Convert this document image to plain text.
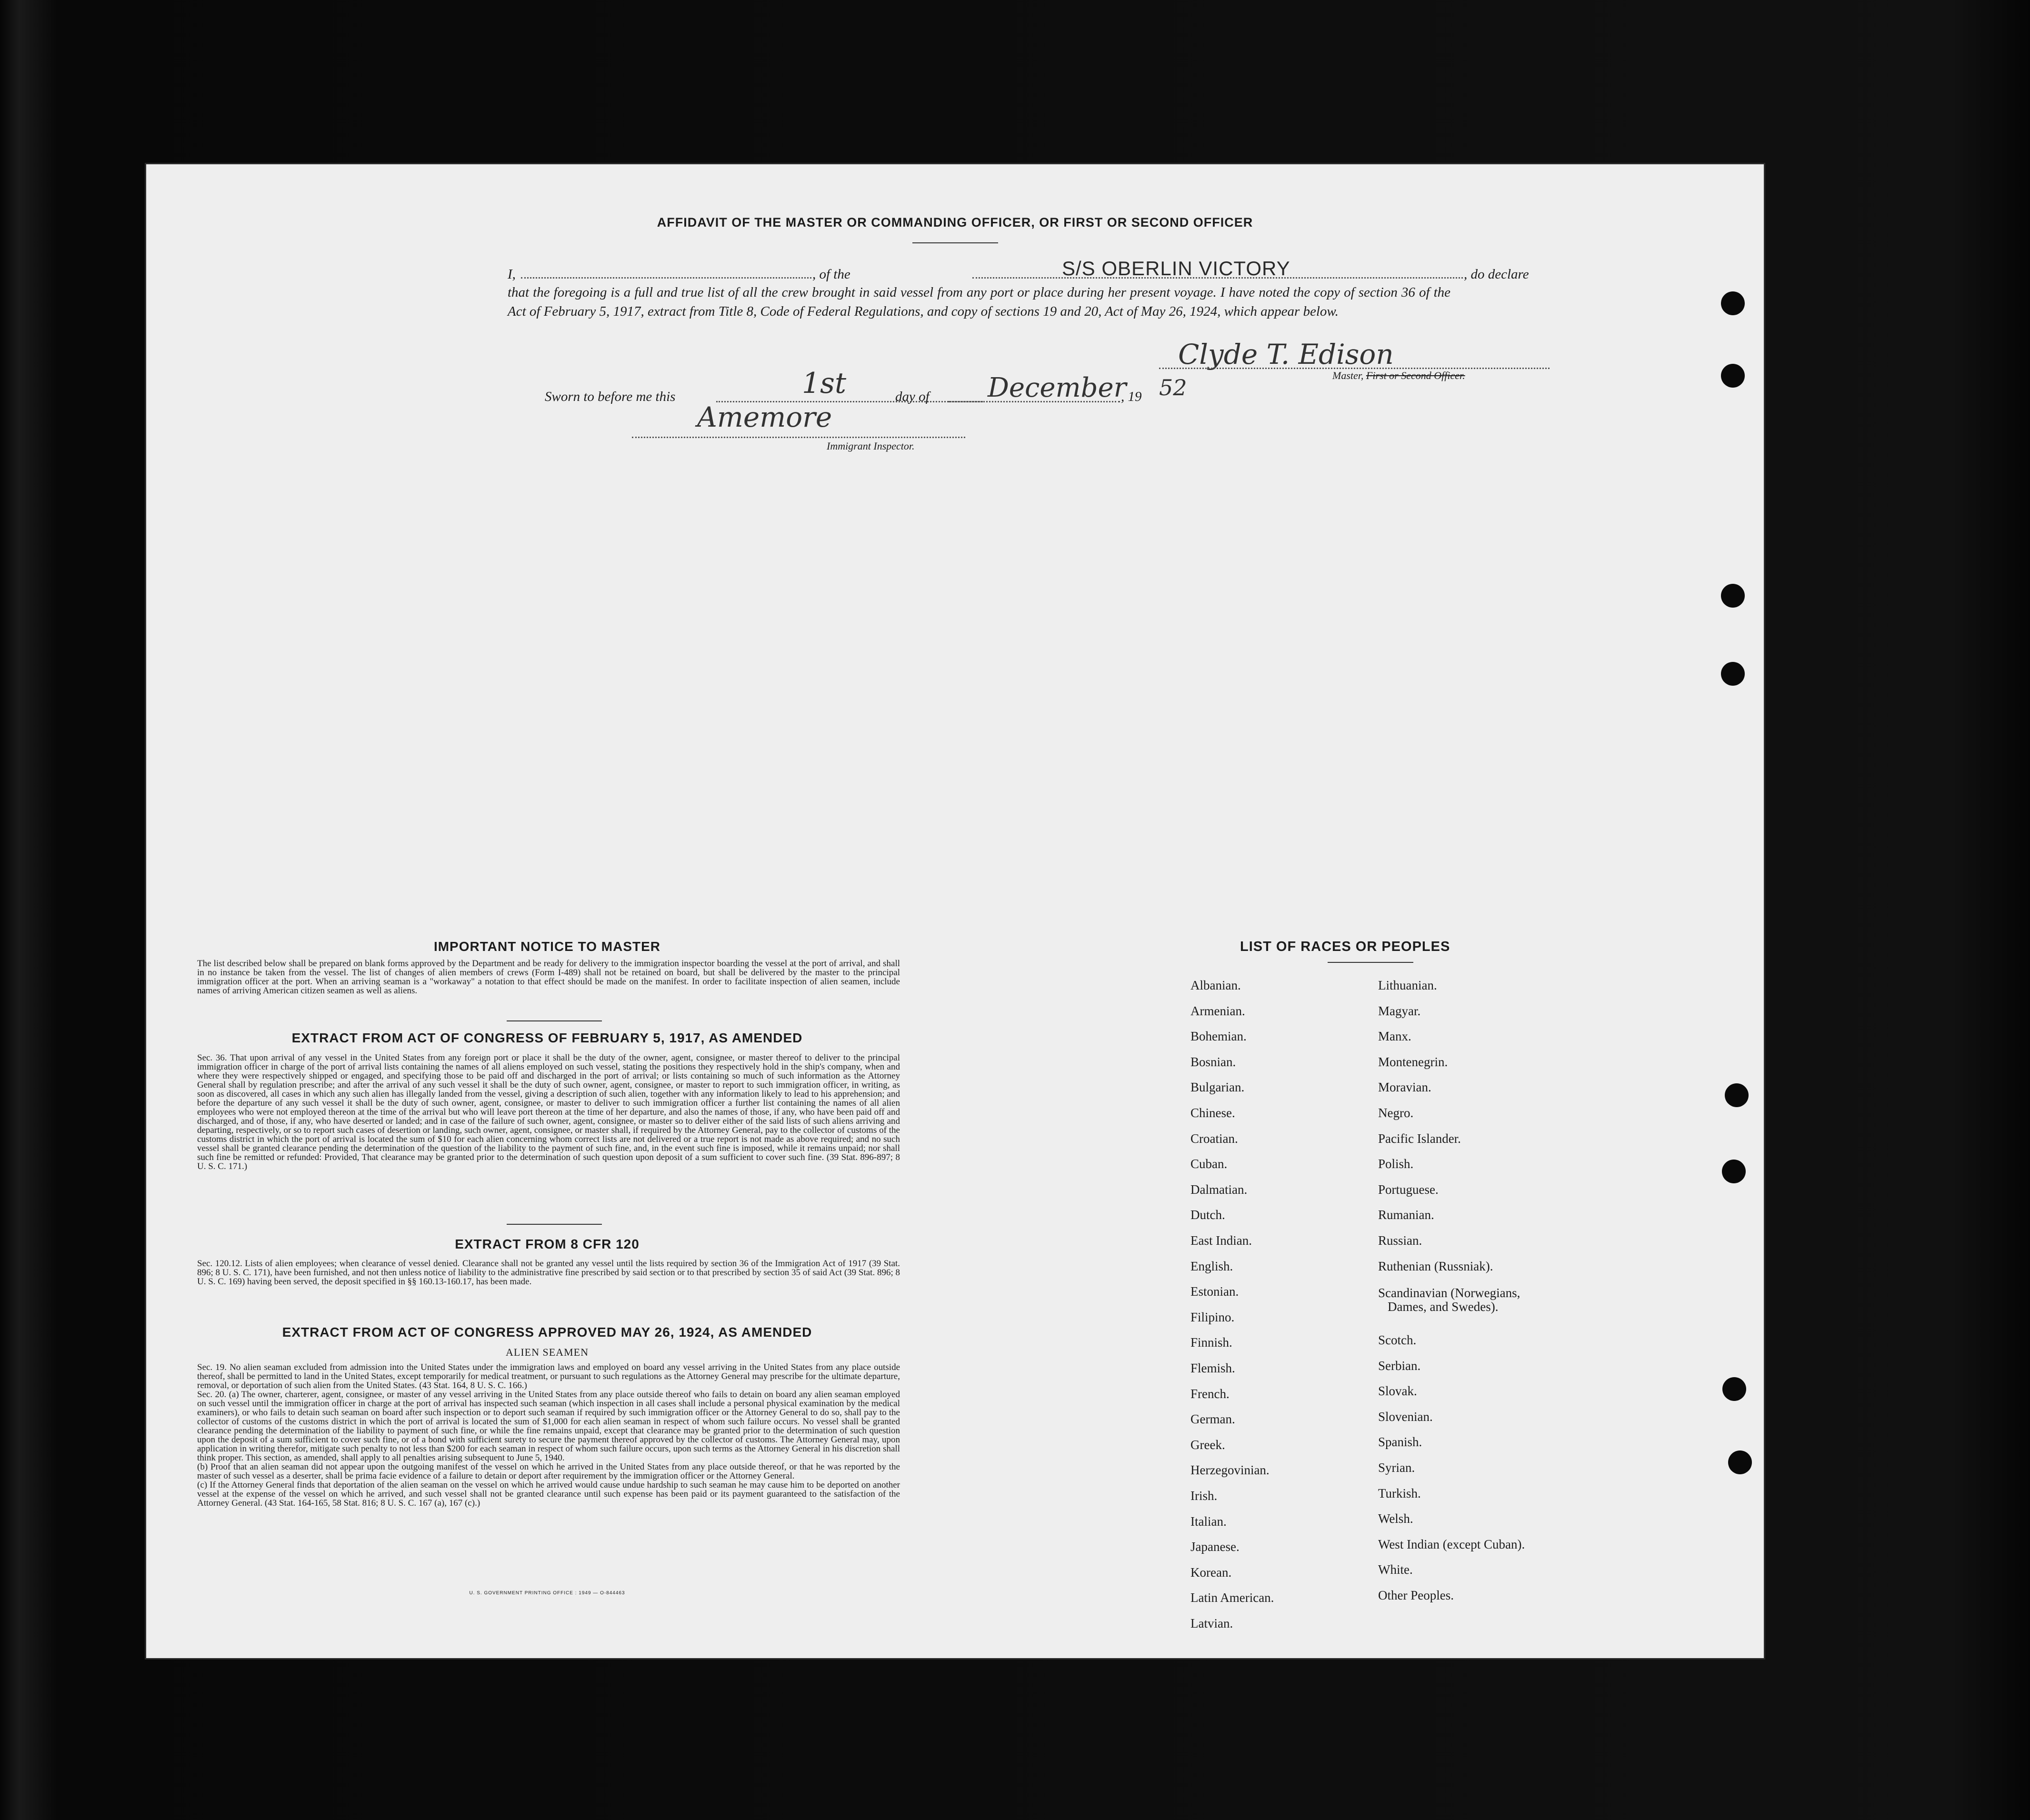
AFFIDAVIT OF THE MASTER OR COMMANDING OFFICER, OR FIRST OR SECOND OFFICER
I,	, of the	S/S OBERLIN VICTORY	, do declare
that the foregoing is a full and true list of all the crew brought in said vessel from any port or place during her present voyage. I have noted the copy of section 36 of the Act of February 5, 1917, extract from Title 8, Code of Federal Regulations, and copy of sections 19 and 20, Act of May 26, 1924, which appear below.
Sworn to before me this	1st	day of December
, 19 52
Clyde T. Edison
Master, First or Second Officer.
Amemore
Immigrant Inspector.
IMPORTANT NOTICE TO MASTER
The list described below shall be prepared on blank forms approved by the Department and be ready for delivery to the immigration inspector boarding the vessel at the port of arrival, and shall in no instance be taken from the vessel. The list of changes of alien members of crews (Form I-489) shall not be retained on board, but shall be delivered by the master to the principal immigration officer at the port. When an arriving seaman is a "workaway" a notation to that effect should be made on the manifest. In order to facilitate inspection of alien seamen, include names of arriving American citizen seamen as well as aliens.
EXTRACT FROM ACT OF CONGRESS OF FEBRUARY 5, 1917, AS AMENDED
Sec. 36. That upon arrival of any vessel in the United States from any foreign port or place it shall be the duty of the owner, agent, consignee, or master thereof to deliver to the principal immigration officer in charge of the port of arrival lists containing the names of all aliens employed on such vessel, stating the positions they respectively hold in the ship's company, when and where they were respectively shipped or engaged, and specifying those to be paid off and discharged in the port of arrival; or lists containing so much of such information as the Attorney General shall by regulation prescribe; and after the arrival of any such vessel it shall be the duty of such owner, agent, consignee, or master to report to such immigration officer, in writing, as soon as discovered, all cases in which any such alien has illegally landed from the vessel, giving a description of such alien, together with any information likely to lead to his apprehension; and before the departure of any such vessel it shall be the duty of such owner, agent, consignee, or master to deliver to such immigration officer a further list containing the names of all alien employees who were not employed thereon at the time of the arrival but who will leave port thereon at the time of her departure, and also the names of those, if any, who have been paid off and discharged, and of those, if any, who have deserted or landed; and in case of the failure of such owner, agent, consignee, or master so to deliver either of the said lists of such aliens arriving and departing, respectively, or so to report such cases of desertion or landing, such owner, agent, consignee, or master shall, if required by the Attorney General, pay to the collector of customs of the customs district in which the port of arrival is located the sum of $10 for each alien concerning whom correct lists are not delivered or a true report is not made as above required; and no such vessel shall be granted clearance pending the determination of the question of the liability to the payment of such fine, and, in the event such fine is imposed, while it remains unpaid; nor shall such fine be remitted or refunded: Provided, That clearance may be granted prior to the determination of such question upon deposit of a sum sufficient to cover such fine. (39 Stat. 896-897; 8 U. S. C. 171.)
EXTRACT FROM 8 CFR 120
Sec. 120.12. Lists of alien employees; when clearance of vessel denied. Clearance shall not be granted any vessel until the lists required by section 36 of the Immigration Act of 1917 (39 Stat. 896; 8 U. S. C. 171), have been furnished, and not then unless notice of liability to the administrative fine prescribed by said section or to that prescribed by section 35 of said Act (39 Stat. 896; 8 U. S. C. 169) having been served, the deposit specified in §§ 160.13-160.17, has been made.
EXTRACT FROM ACT OF CONGRESS APPROVED MAY 26, 1924, AS AMENDED
ALIEN SEAMEN

Sec. 19. No alien seaman excluded from admission into the United States under the immigration laws and employed on board any vessel arriving in the United States from any place outside thereof, shall be permitted to land in the United States, except temporarily for medical treatment, or pursuant to such regulations as the Attorney General may prescribe for the ultimate departure, removal, or deportation of such alien from the United States. (43 Stat. 164, 8 U. S. C. 166.)

Sec. 20. (a) The owner, charterer, agent, consignee, or master of any vessel arriving in the United States from any place outside thereof who fails to detain on board any alien seaman employed on such vessel until the immigration officer in charge at the port of arrival has inspected such seaman (which inspection in all cases shall include a personal physical examination by the medical examiners), or who fails to detain such seaman on board after such inspection or to deport such seaman if required by such immigration officer or the Attorney General to do so, shall pay to the collector of customs of the customs district in which the port of arrival is located the sum of $1,000 for each alien seaman in respect of whom such failure occurs. No vessel shall be granted clearance pending the determination of the liability to payment of such fine, or while the fine remains unpaid, except that clearance may be granted prior to the determination of such question upon the deposit of a sum sufficient to cover such fine, or of a bond with sufficient surety to secure the payment thereof approved by the collector of customs. The Attorney General may, upon application in writing therefor, mitigate such penalty to not less than $200 for each seaman in respect of whom such failure occurs, upon such terms as the Attorney General in his discretion shall think proper. This section, as amended, shall apply to all penalties arising subsequent to June 5, 1940.

(b) Proof that an alien seaman did not appear upon the outgoing manifest of the vessel on which he arrived in the United States from any place outside thereof, or that he was reported by the master of such vessel as a deserter, shall be prima facie evidence of a failure to detain or deport after requirement by the immigration officer or the Attorney General.

(c) If the Attorney General finds that deportation of the alien seaman on the vessel on which he arrived would cause undue hardship to such seaman he may cause him to be deported on another vessel at the expense of the vessel on which he arrived, and such vessel shall not be granted clearance until such expense has been paid or its payment guaranteed to the satisfaction of the Attorney General. (43 Stat. 164-165, 58 Stat. 816; 8 U. S. C. 167 (a), 167 (c).)

U. S. GOVERNMENT PRINTING OFFICE : 1949 — O-844463
LIST OF RACES OR PEOPLES
Albanian.
Armenian.
Bohemian.
Bosnian.
Bulgarian.
Chinese.
Croatian.
Cuban.
Dalmatian.
Dutch.
East Indian.
English.
Estonian.
Filipino.
Finnish.
Flemish.
French.
German.
Greek.
Herzegovinian.
Irish.
Italian.
Japanese.
Korean.
Latin American.
Latvian.
Lithuanian.
Magyar.
Manx.
Montenegrin.
Moravian.
Negro.
Pacific Islander.
Polish.
Portuguese.
Rumanian.
Russian.
Ruthenian (Russniak).
Scandinavian (Norwegians,
Dames, and Swedes).
Scotch.
Serbian.
Slovak.
Slovenian.
Spanish.
Syrian.
Turkish.
Welsh.
West Indian (except Cuban).
White.
Other Peoples.
